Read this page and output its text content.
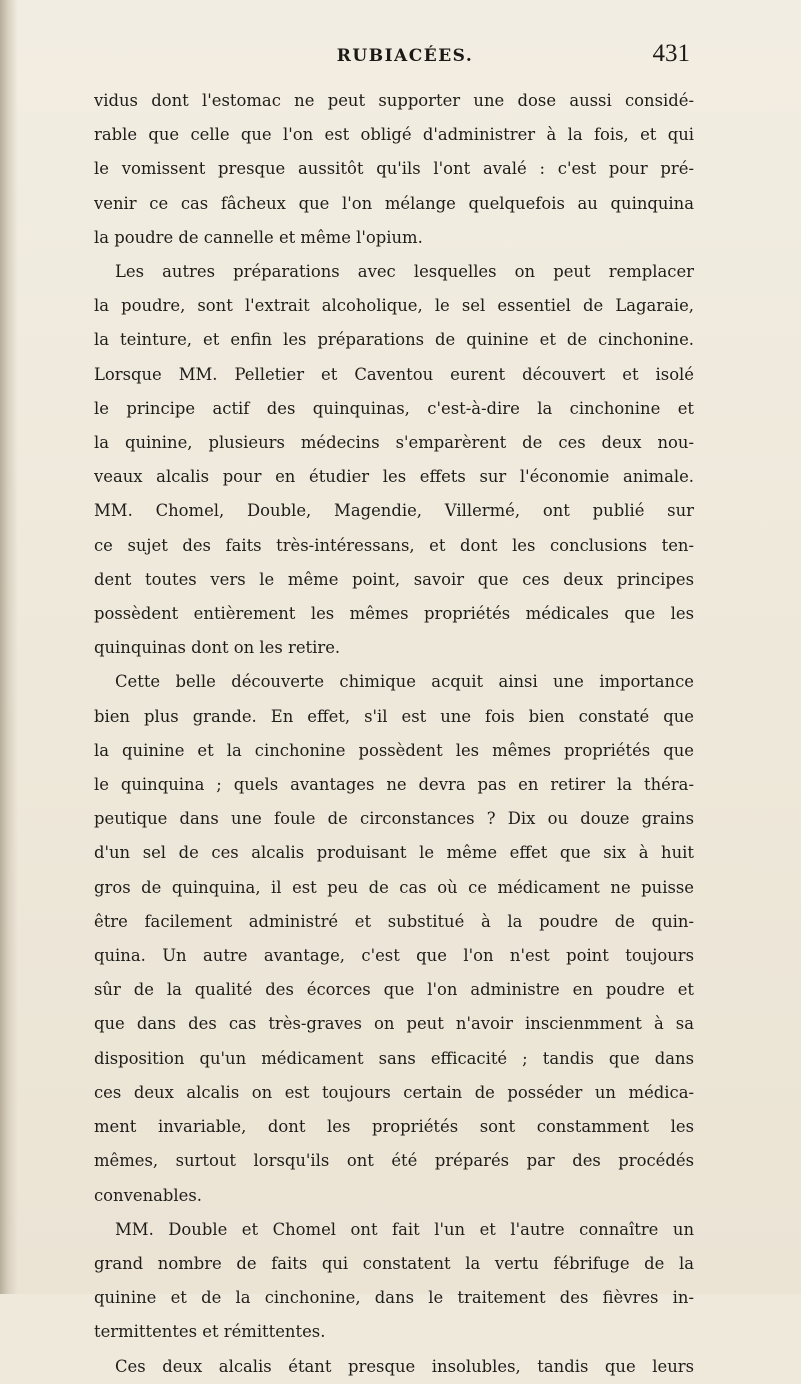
RUBIACÉES.	431
vidus dont l'estomac ne peut supporter une dose aussi considé-
rable que celle que l'on est obligé d'administrer à la fois, et qui
le vomissent presque aussitôt qu'ils l'ont avalé : c'est pour pré-
venir ce cas fâcheux que l'on mélange quelquefois au quinquina
la poudre de cannelle et même l'opium.
Les autres préparations avec lesquelles on peut remplacer
la poudre, sont l'extrait alcoholique, le sel essentiel de Lagaraie,
la teinture, et enfin les préparations de quinine et de cinchonine.
Lorsque MM. Pelletier et Caventou eurent découvert et isolé
le principe actif des quinquinas, c'est-à-dire la cinchonine et
la quinine, plusieurs médecins s'emparèrent de ces deux nou-
veaux alcalis pour en étudier les effets sur l'économie animale.
MM. Chomel, Double, Magendie, Villermé, ont publié sur
ce sujet des faits très-intéressans, et dont les conclusions ten-
dent toutes vers le même point, savoir que ces deux principes
possèdent entièrement les mêmes propriétés médicales que les
quinquinas dont on les retire.
Cette belle découverte chimique acquit ainsi une importance
bien plus grande. En effet, s'il est une fois bien constaté que
la quinine et la cinchonine possèdent les mêmes propriétés que
le quinquina ; quels avantages ne devra pas en retirer la théra-
peutique dans une foule de circonstances ? Dix ou douze grains
d'un sel de ces alcalis produisant le même effet que six à huit
gros de quinquina, il est peu de cas où ce médicament ne puisse
être facilement administré et substitué à la poudre de quin-
quina. Un autre avantage, c'est que l'on n'est point toujours
sûr de la qualité des écorces que l'on administre en poudre et
que dans des cas très-graves on peut n'avoir inscienmment à sa
disposition qu'un médicament sans efficacité ; tandis que dans
ces deux alcalis on est toujours certain de posséder un médica-
ment invariable, dont les propriétés sont constamment les
mêmes, surtout lorsqu'ils ont été préparés par des procédés
convenables.
MM. Double et Chomel ont fait l'un et l'autre connaître un
grand nombre de faits qui constatent la vertu fébrifuge de la
quinine et de la cinchonine, dans le traitement des fièvres in-
termittentes et rémittentes.
Ces deux alcalis étant presque insolubles, tandis que leurs
